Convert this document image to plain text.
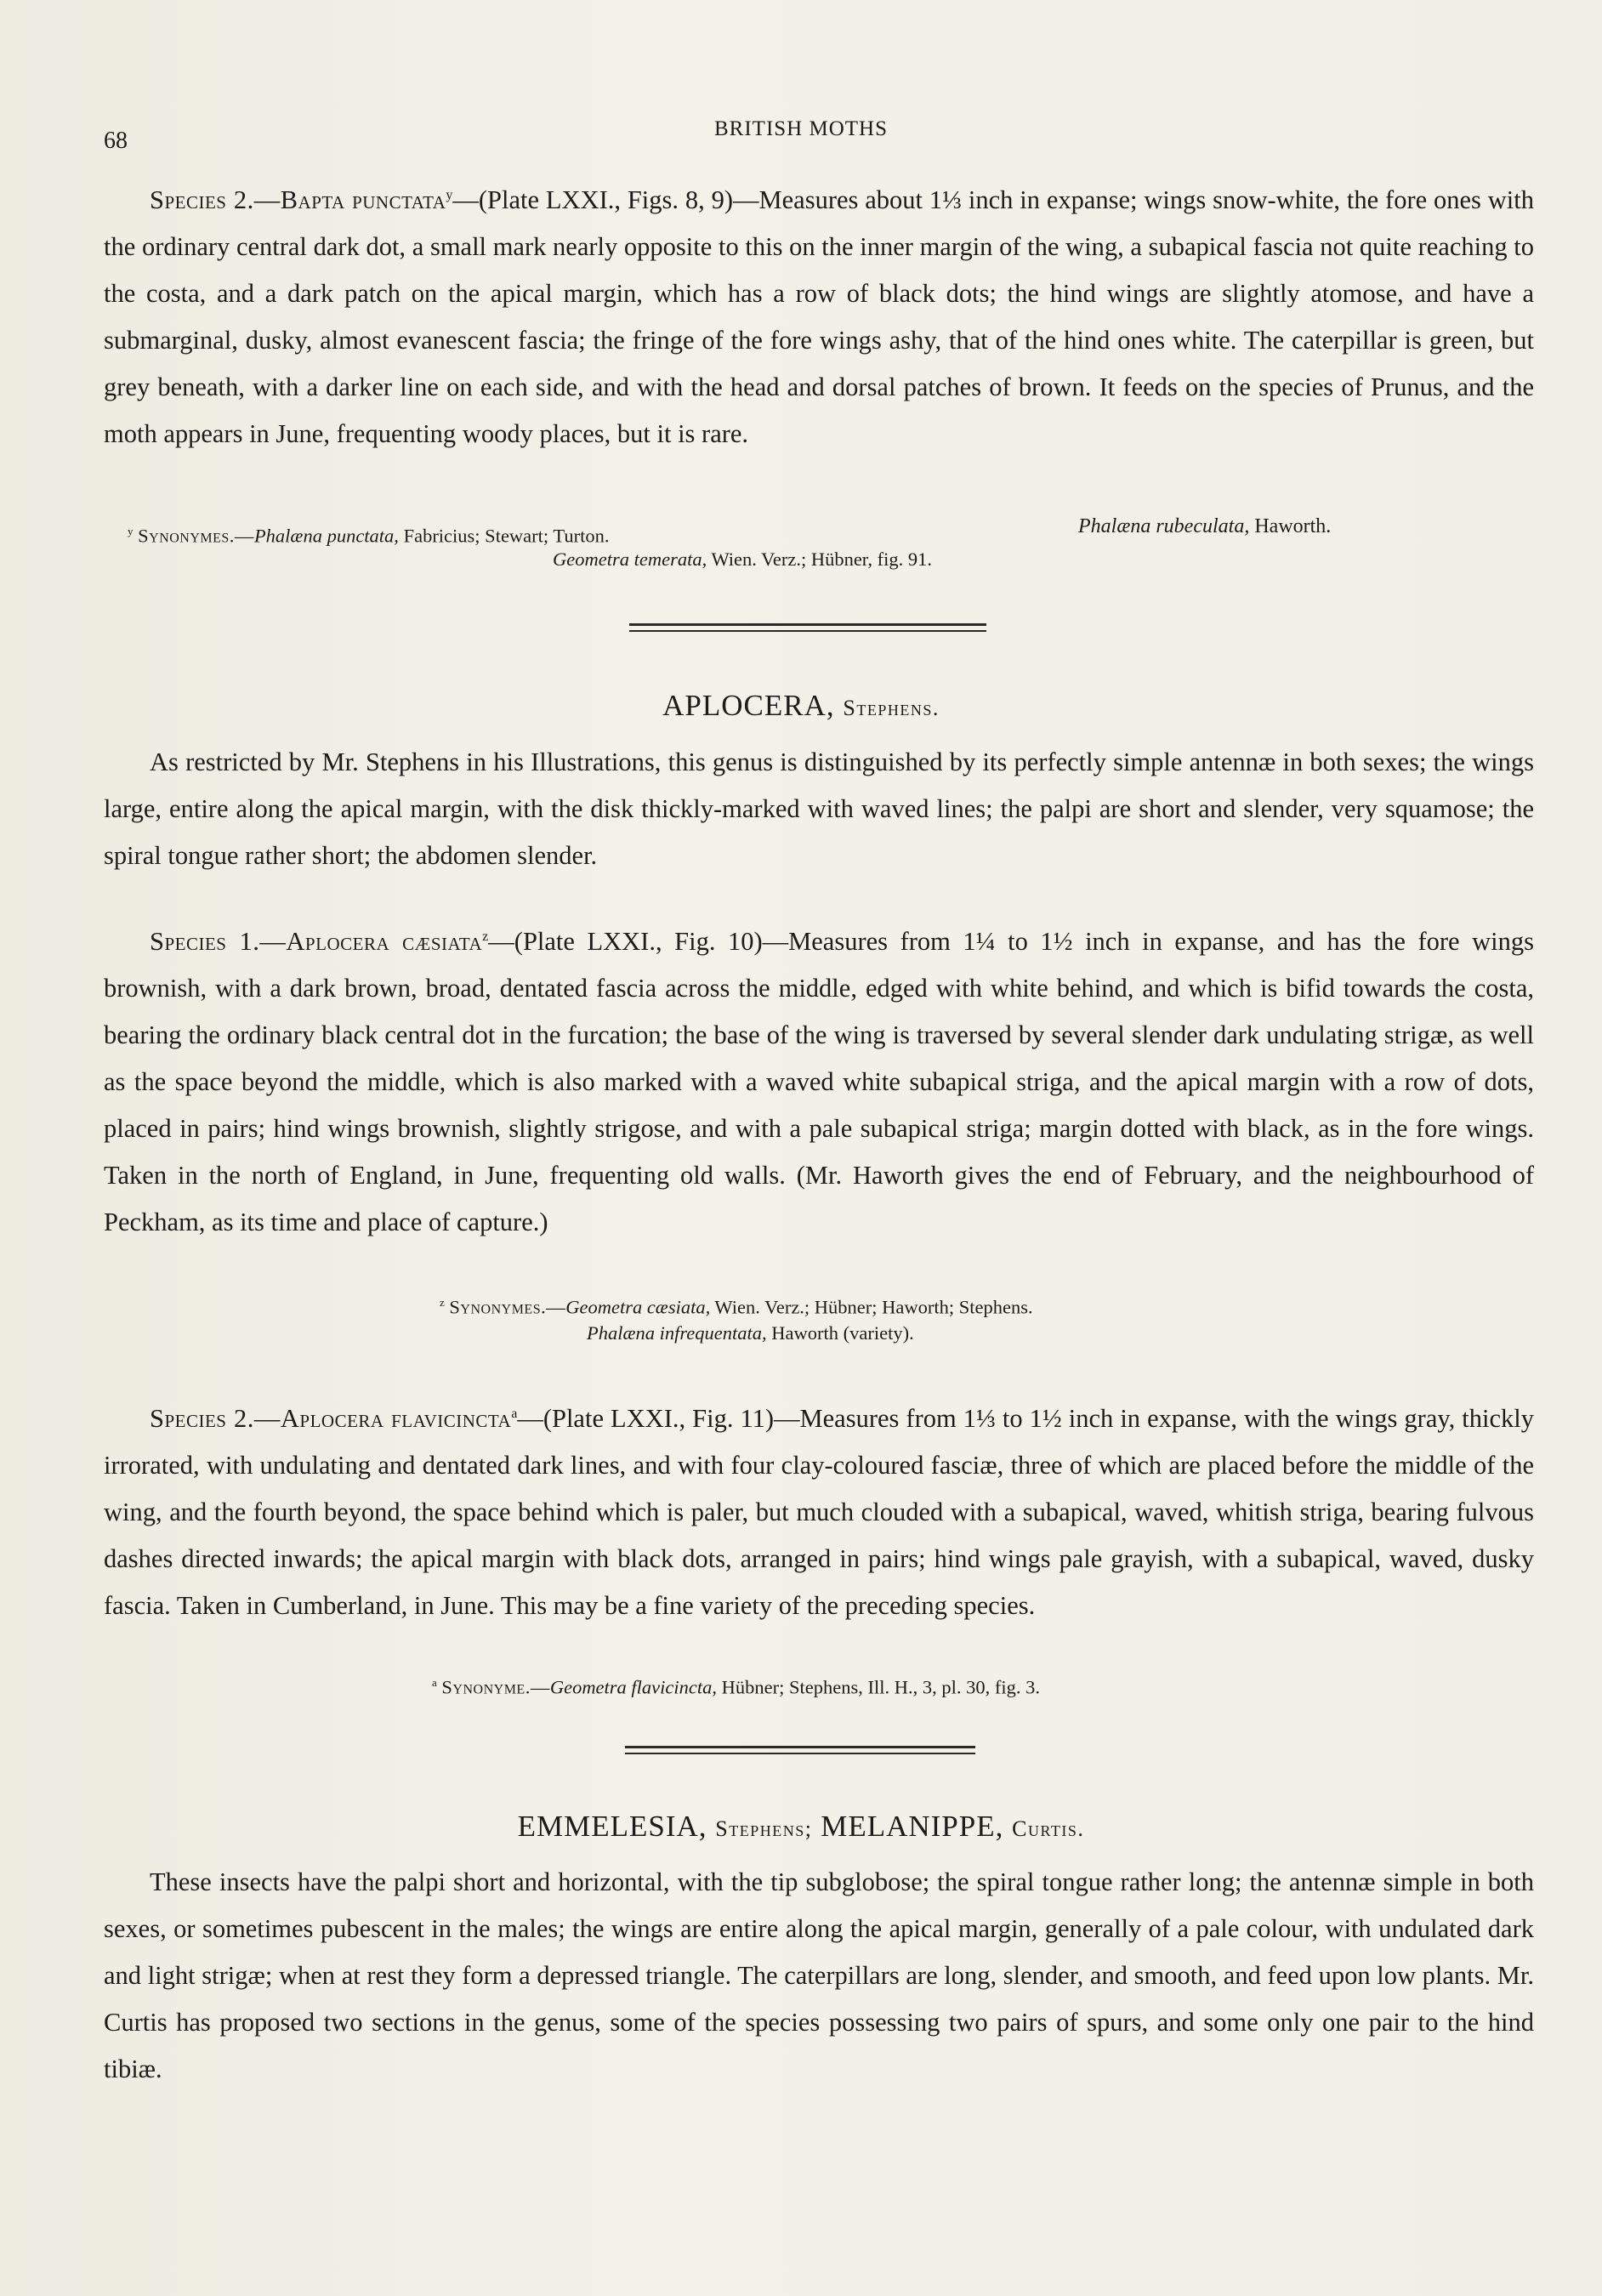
68	BRITISH MOTHS

Species 2.—Bapta punctata$^y$—(Plate LXXI., Figs. 8, 9)—Measures about 1⅓ inch in expanse; wings snow-white, the fore ones with the ordinary central dark dot, a small mark nearly opposite to this on the inner margin of the wing, a subapical fascia not quite reaching to the costa, and a dark patch on the apical margin, which has a row of black dots; the hind wings are slightly atomose, and have a submarginal, dusky, almost evanescent fascia; the fringe of the fore wings ashy, that of the hind ones white. The caterpillar is green, but grey beneath, with a darker line on each side, and with the head and dorsal patches of brown. It feeds on the species of Prunus, and the moth appears in June, frequenting woody places, but it is rare.

$^y$ Synonymes.—Phalæna punctata, Fabricius; Stewart; Turton.	Phalæna rubeculata, Haworth.
Geometra temerata, Wien. Verz.; Hübner, fig. 91.
APLOCERA, Stephens.

As restricted by Mr. Stephens in his Illustrations, this genus is distinguished by its perfectly simple antennæ in both sexes; the wings large, entire along the apical margin, with the disk thickly-marked with waved lines; the palpi are short and slender, very squamose; the spiral tongue rather short; the abdomen slender.

Species 1.—Aplocera cæsiata$^z$—(Plate LXXI., Fig. 10)—Measures from 1¼ to 1½ inch in expanse, and has the fore wings brownish, with a dark brown, broad, dentated fascia across the middle, edged with white behind, and which is bifid towards the costa, bearing the ordinary black central dot in the furcation; the base of the wing is traversed by several slender dark undulating strigæ, as well as the space beyond the middle, which is also marked with a waved white subapical striga, and the apical margin with a row of dots, placed in pairs; hind wings brownish, slightly strigose, and with a pale subapical striga; margin dotted with black, as in the fore wings. Taken in the north of England, in June, frequenting old walls. (Mr. Haworth gives the end of February, and the neighbourhood of Peckham, as its time and place of capture.)

$^z$ Synonymes.—Geometra cæsiata, Wien. Verz.; Hübner; Haworth; Stephens.
Phalæna infrequentata, Haworth (variety).

Species 2.—Aplocera flavicincta$^a$—(Plate LXXI., Fig. 11)—Measures from 1⅓ to 1½ inch in expanse, with the wings gray, thickly irrorated, with undulating and dentated dark lines, and with four clay-coloured fasciæ, three of which are placed before the middle of the wing, and the fourth beyond, the space behind which is paler, but much clouded with a subapical, waved, whitish striga, bearing fulvous dashes directed inwards; the apical margin with black dots, arranged in pairs; hind wings pale grayish, with a subapical, waved, dusky fascia. Taken in Cumberland, in June. This may be a fine variety of the preceding species.

$^a$ Synonyme.—Geometra flavicincta, Hübner; Stephens, Ill. H., 3, pl. 30, fig. 3.
EMMELESIA, Stephens; MELANIPPE, Curtis.

These insects have the palpi short and horizontal, with the tip subglobose; the spiral tongue rather long; the antennæ simple in both sexes, or sometimes pubescent in the males; the wings are entire along the apical margin, generally of a pale colour, with undulated dark and light strigæ; when at rest they form a depressed triangle. The caterpillars are long, slender, and smooth, and feed upon low plants. Mr. Curtis has proposed two sections in the genus, some of the species possessing two pairs of spurs, and some only one pair to the hind tibiæ.
